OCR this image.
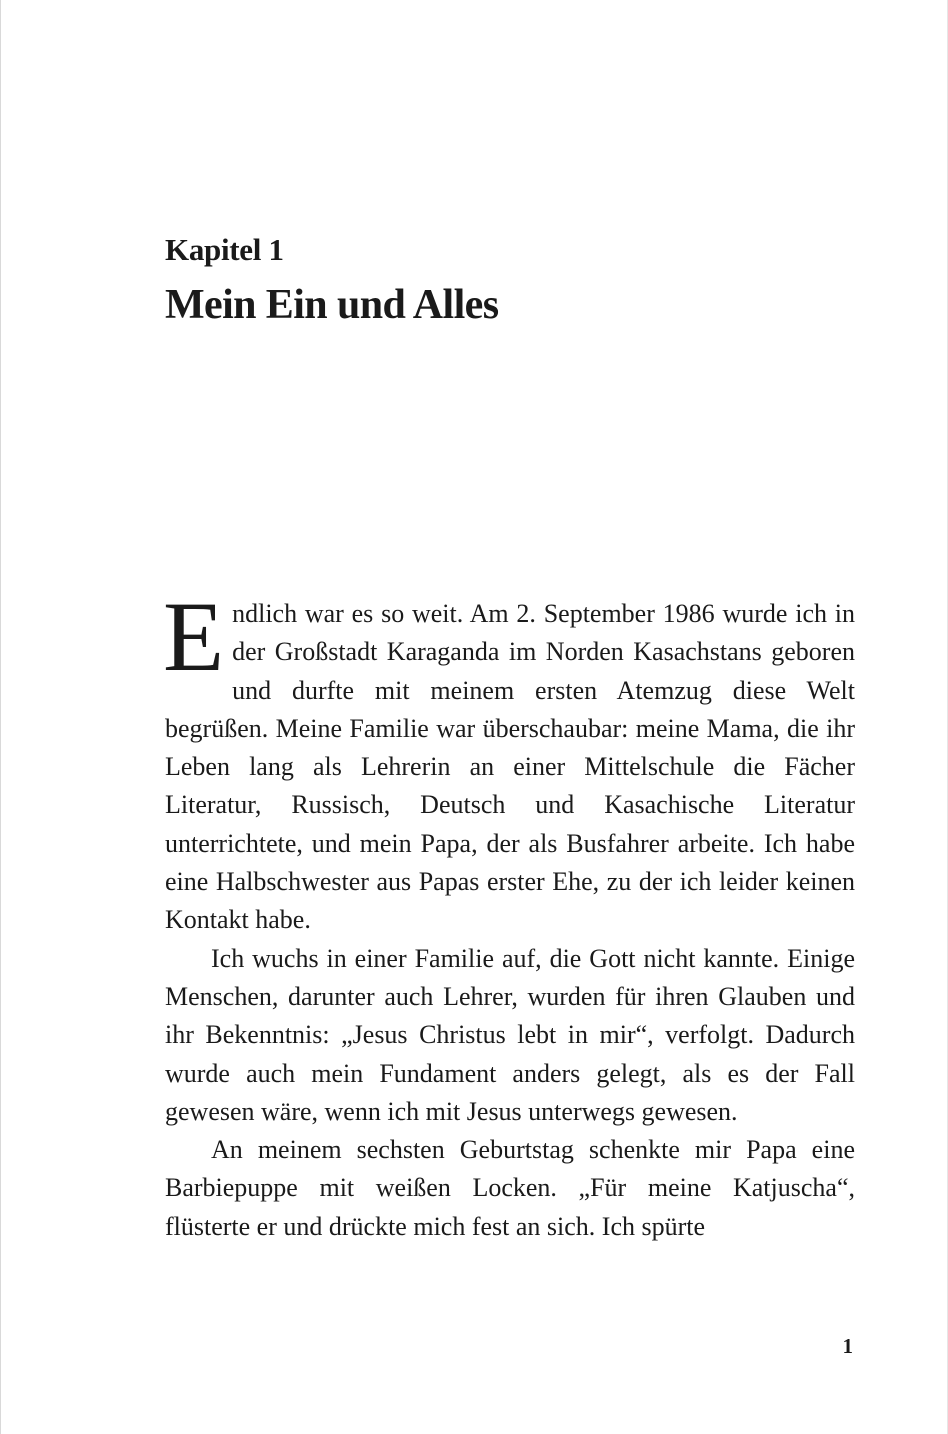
Kapitel 1
Mein Ein und Alles

Endlich war es so weit. Am 2. September 1986 wurde ich in der Großstadt Karaganda im Norden Kasachstans geboren und durfte mit meinem ersten Atemzug diese Welt begrüßen. Meine Familie war überschaubar: meine Mama, die ihr Leben lang als Lehrerin an einer Mittelschule die Fächer Literatur, Russisch, Deutsch und Kasachische Literatur unterrichtete, und mein Papa, der als Busfahrer arbeite. Ich habe eine Halbschwester aus Papas erster Ehe, zu der ich leider keinen Kontakt habe.

Ich wuchs in einer Familie auf, die Gott nicht kannte. Einige Menschen, darunter auch Lehrer, wurden für ihren Glauben und ihr Bekenntnis: „Jesus Christus lebt in mir“, verfolgt. Dadurch wurde auch mein Fundament anders gelegt, als es der Fall gewesen wäre, wenn ich mit Jesus unterwegs gewesen.

An meinem sechsten Geburtstag schenkte mir Papa eine Barbiepuppe mit weißen Locken. „Für meine Katjuscha“, flüsterte er und drückte mich fest an sich. Ich spürte

1
